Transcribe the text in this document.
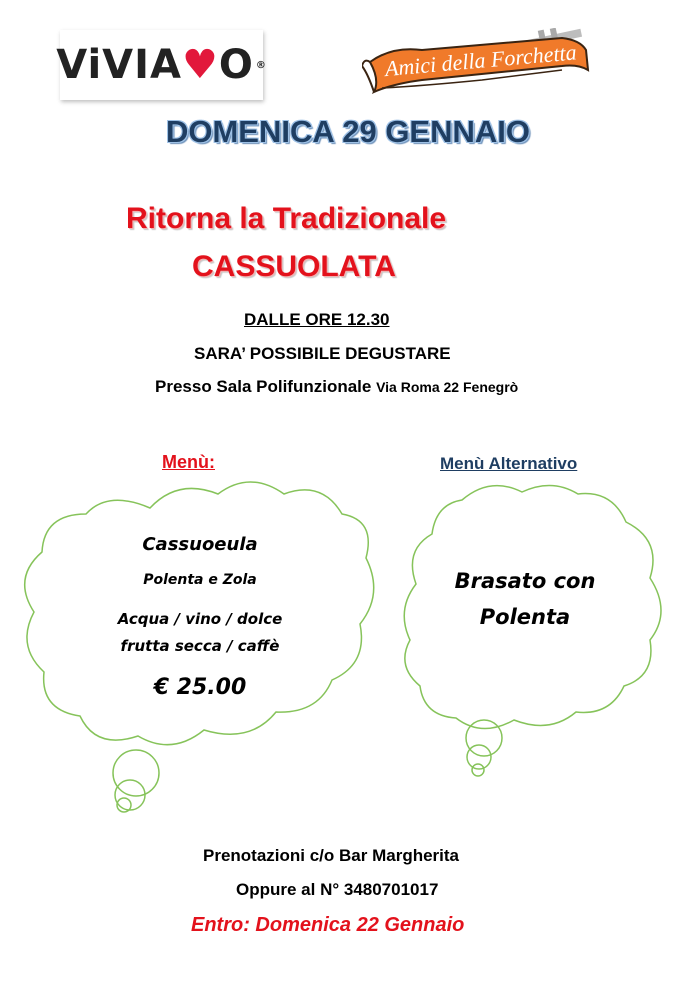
ViVIA ♥ O ®	Amici della Forchetta
DOMENICA 29 GENNAIO
Ritorna la Tradizionale
CASSUOLATA
DALLE ORE 12.30
SARA’ POSSIBILE DEGUSTARE
Presso Sala Polifunzionale Via Roma 22 Fenegrò
Menù:	Menù Alternativo
Cassuoeula
Polenta e Zola
Acqua / vino / dolce
frutta secca / caffè
€ 25.00
Brasato con
Polenta
Prenotazioni c/o Bar Margherita
Oppure al N° 3480701017
Entro: Domenica 22 Gennaio
